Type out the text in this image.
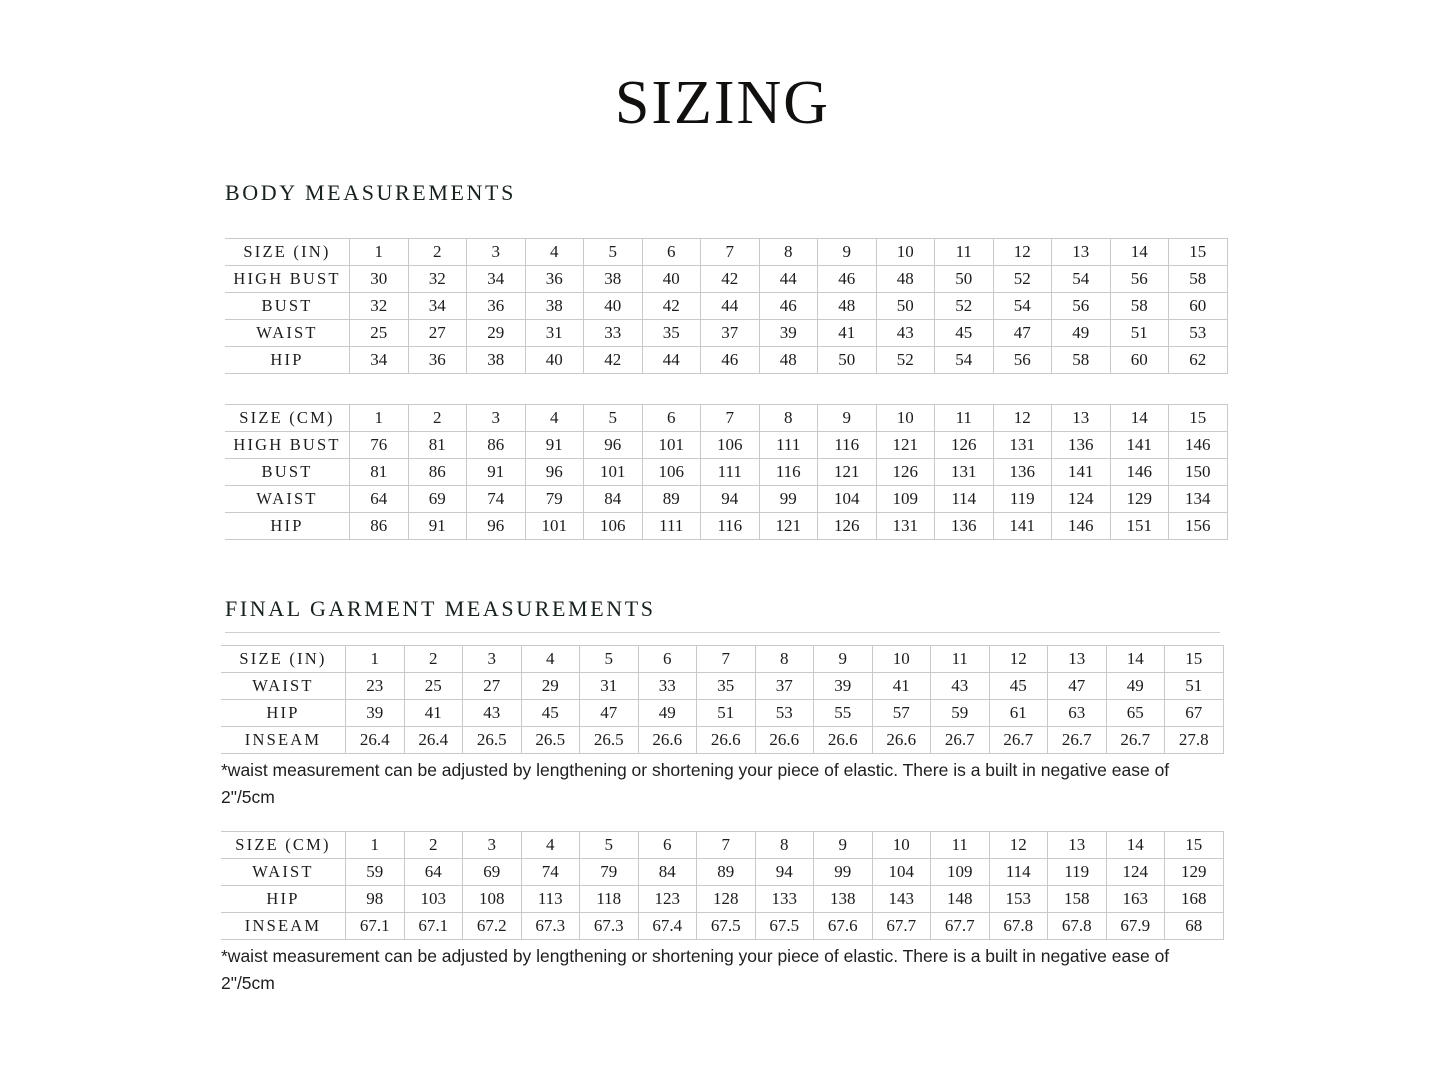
SIZING
BODY MEASUREMENTS
SIZE (IN)	1	2	3	4	5	6	7	8	9	10	11	12	13	14	15
HIGH BUST	30	32	34	36	38	40	42	44	46	48	50	52	54	56	58
BUST	32	34	36	38	40	42	44	46	48	50	52	54	56	58	60
WAIST	25	27	29	31	33	35	37	39	41	43	45	47	49	51	53
HIP	34	36	38	40	42	44	46	48	50	52	54	56	58	60	62
SIZE (CM)	1	2	3	4	5	6	7	8	9	10	11	12	13	14	15
HIGH BUST	76	81	86	91	96	101	106	111	116	121	126	131	136	141	146
BUST	81	86	91	96	101	106	111	116	121	126	131	136	141	146	150
WAIST	64	69	74	79	84	89	94	99	104	109	114	119	124	129	134
HIP	86	91	96	101	106	111	116	121	126	131	136	141	146	151	156
FINAL GARMENT MEASUREMENTS
SIZE (IN)	1	2	3	4	5	6	7	8	9	10	11	12	13	14	15
WAIST	23	25	27	29	31	33	35	37	39	41	43	45	47	49	51
HIP	39	41	43	45	47	49	51	53	55	57	59	61	63	65	67
INSEAM	26.4	26.4	26.5	26.5	26.5	26.6	26.6	26.6	26.6	26.6	26.7	26.7	26.7	26.7	27.8
*waist measurement can be adjusted by lengthening or shortening your piece of elastic. There is a built in negative ease of 2"/5cm
SIZE (CM)	1	2	3	4	5	6	7	8	9	10	11	12	13	14	15
WAIST	59	64	69	74	79	84	89	94	99	104	109	114	119	124	129
HIP	98	103	108	113	118	123	128	133	138	143	148	153	158	163	168
INSEAM	67.1	67.1	67.2	67.3	67.3	67.4	67.5	67.5	67.6	67.7	67.7	67.8	67.8	67.9	68
*waist measurement can be adjusted by lengthening or shortening your piece of elastic. There is a built in negative ease of 2"/5cm
